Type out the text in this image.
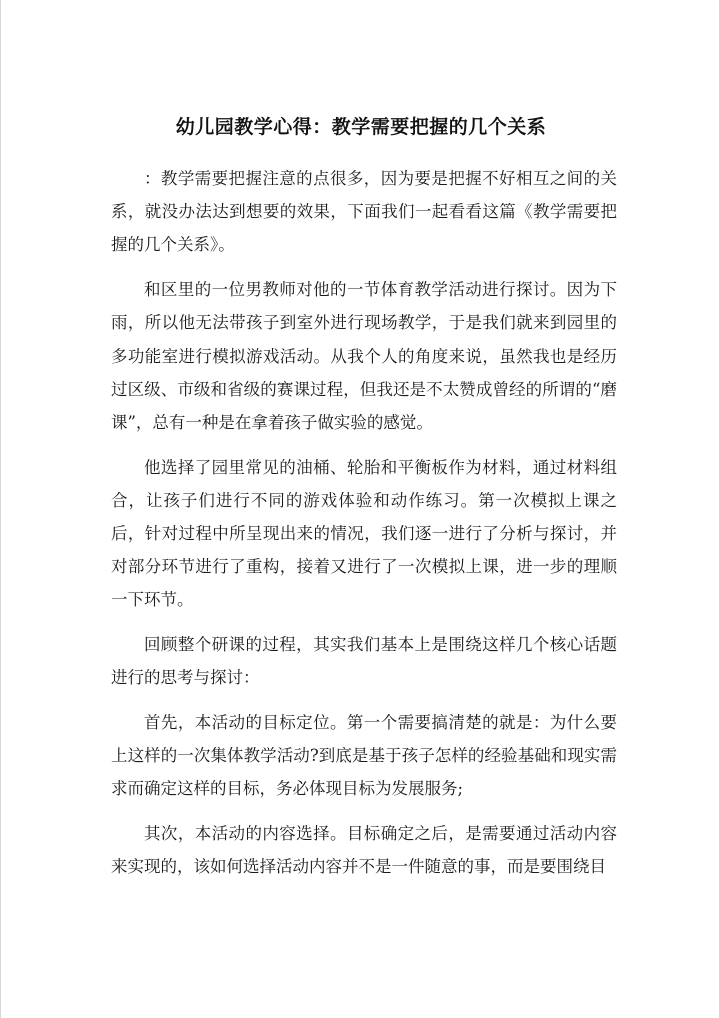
幼儿园教学心得：教学需要把握的几个关系

：教学需要把握注意的点很多，因为要是把握不好相互之间的关系，就没办法达到想要的效果，下面我们一起看看这篇《教学需要把握的几个关系》。

和区里的一位男教师对他的一节体育教学活动进行探讨。因为下雨，所以他无法带孩子到室外进行现场教学，于是我们就来到园里的多功能室进行模拟游戏活动。从我个人的角度来说，虽然我也是经历过区级、市级和省级的赛课过程，但我还是不太赞成曾经的所谓的“磨课”，总有一种是在拿着孩子做实验的感觉。

他选择了园里常见的油桶、轮胎和平衡板作为材料，通过材料组合，让孩子们进行不同的游戏体验和动作练习。第一次模拟上课之后，针对过程中所呈现出来的情况，我们逐一进行了分析与探讨，并对部分环节进行了重构，接着又进行了一次模拟上课，进一步的理顺一下环节。

回顾整个研课的过程，其实我们基本上是围绕这样几个核心话题进行的思考与探讨：

首先，本活动的目标定位。第一个需要搞清楚的就是：为什么要上这样的一次集体教学活动?到底是基于孩子怎样的经验基础和现实需求而确定这样的目标，务必体现目标为发展服务;

其次，本活动的内容选择。目标确定之后，是需要通过活动内容来实现的，该如何选择活动内容并不是一件随意的事，而是要围绕目
